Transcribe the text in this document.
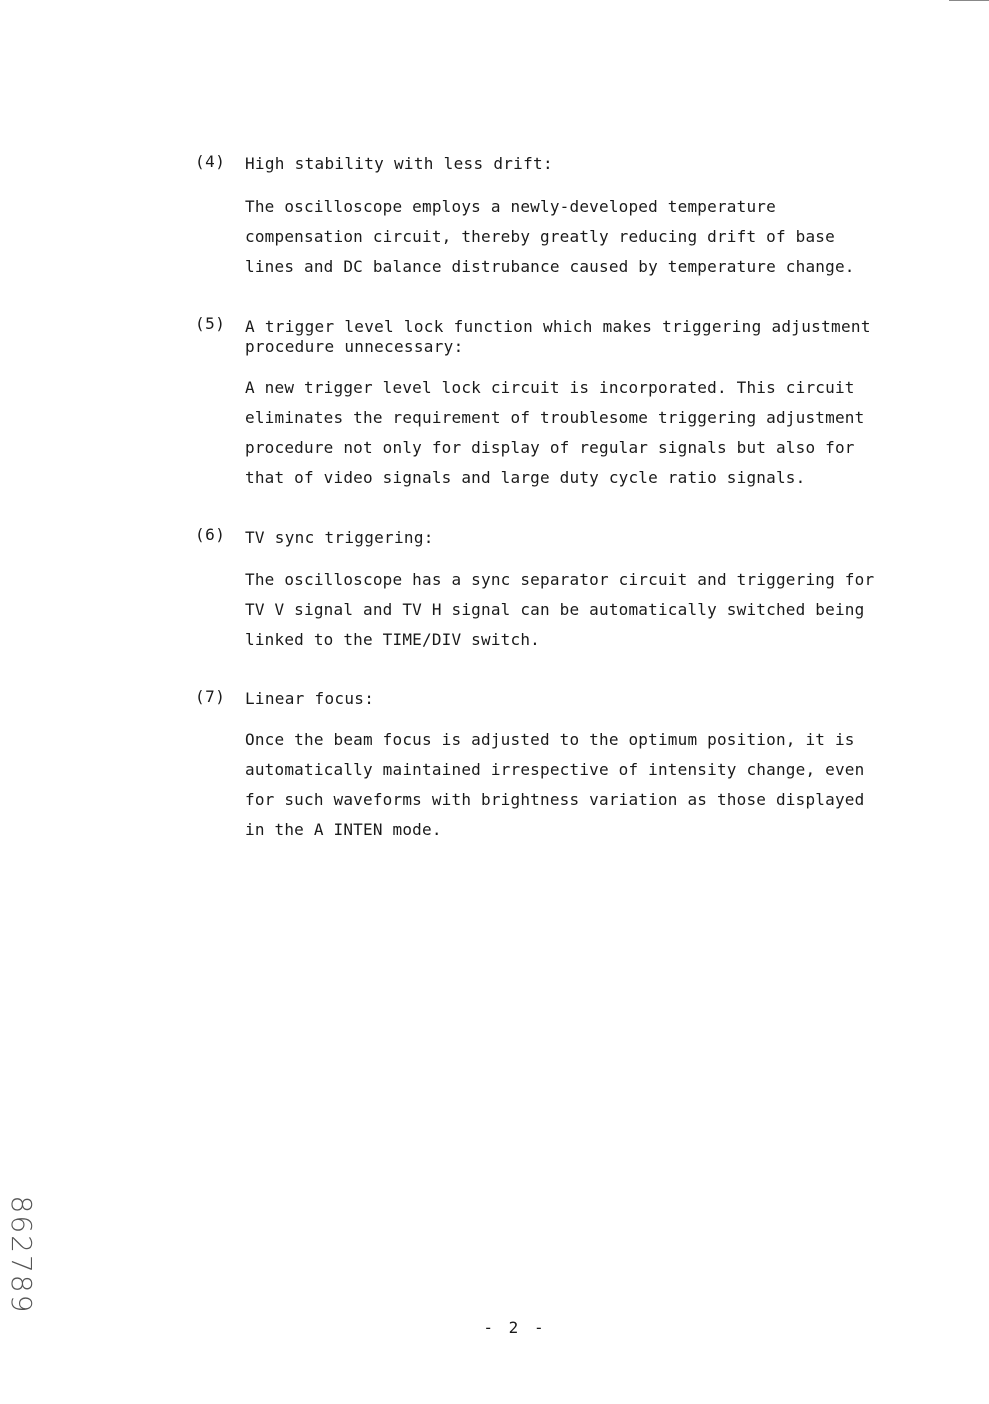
(4) High stability with less drift:
The oscilloscope employs a newly-developed temperature
compensation circuit, thereby greatly reducing drift of base
lines and DC balance distrubance caused by temperature change.
(5) A trigger level lock function which makes triggering adjustment
procedure unnecessary:
A new trigger level lock circuit is incorporated. This circuit
eliminates the requirement of troublesome triggering adjustment
procedure not only for display of regular signals but also for
that of video signals and large duty cycle ratio signals.
(6) TV sync triggering:
The oscilloscope has a sync separator circuit and triggering for
TV V signal and TV H signal can be automatically switched being
linked to the TIME/DIV switch.
(7) Linear focus:
Once the beam focus is adjusted to the optimum position, it is
automatically maintained irrespective of intensity change, even
for such waveforms with brightness variation as those displayed
in the A INTEN mode.
862789
- 2 -
